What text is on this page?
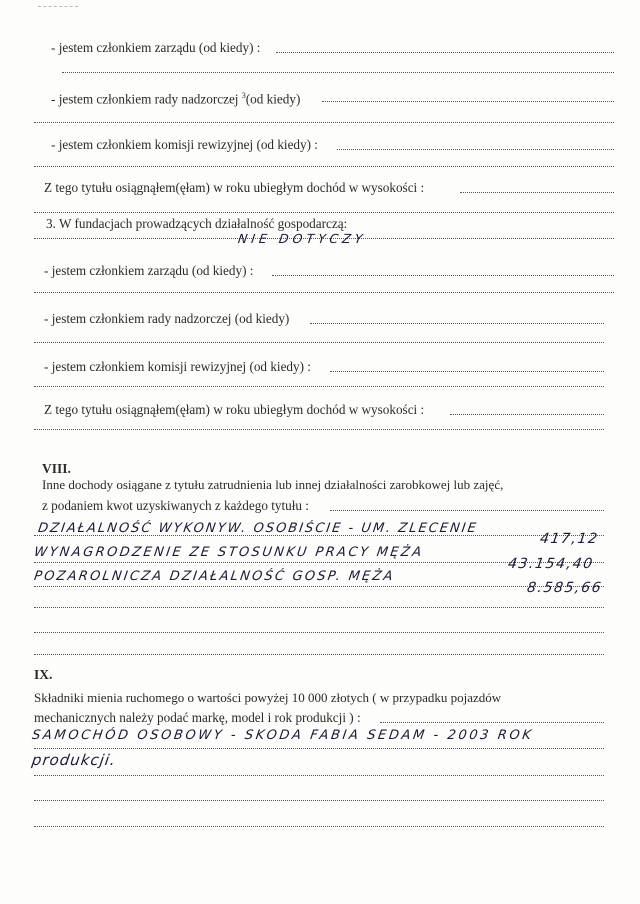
- jestem członkiem zarządu (od kiedy) :
- jestem członkiem rady nadzorczej $^3$(od kiedy)
- jestem członkiem komisji rewizyjnej (od kiedy) :
Z tego tytułu osiągnąłem(ęłam) w roku ubiegłym dochód w wysokości :
3. W fundacjach prowadzących działalność gospodarczą:
NIE DOTYCZY
- jestem członkiem zarządu (od kiedy) :
- jestem członkiem rady nadzorczej (od kiedy)
- jestem członkiem komisji rewizyjnej (od kiedy) :
Z tego tytułu osiągnąłem(ęłam) w roku ubiegłym dochód w wysokości :
VIII.
Inne dochody osiągane z tytułu zatrudnienia lub innej działalności zarobkowej lub zajęć,
z podaniem kwot uzyskiwanych z każdego tytułu :
DZIAŁALNOŚĆ WYKONYW. OSOBIŚCIE - UM. ZLECENIE
417,12
WYNAGRODZENIE ZE STOSUNKU PRACY MĘŻA
43.154,40
POZAROLNICZA DZIAŁALNOŚĆ GOSP. MĘŻA
8.585,66
IX.
Składniki mienia ruchomego o wartości powyżej 10 000 złotych ( w przypadku pojazdów
mechanicznych należy podać markę, model i rok produkcji ) :
SAMOCHÓD OSOBOWY - SKODA FABIA SEDAM - 2003 ROK
produkcji.
